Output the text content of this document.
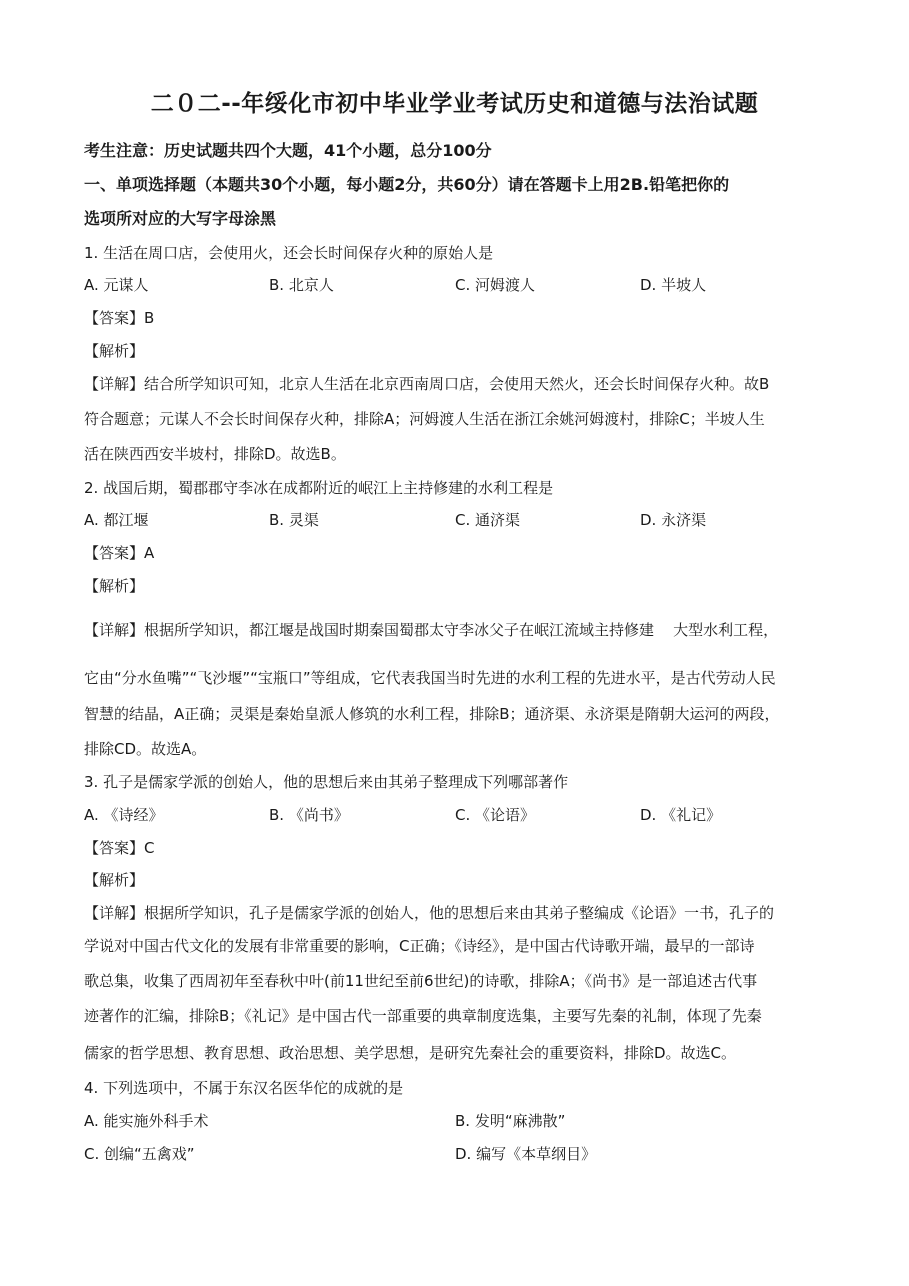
二０二--年绥化市初中毕业学业考试历史和道德与法治试题
考生注意：历史试题共四个大题，41个小题，总分100分
一、单项选择题（本题共30个小题，每小题2分，共60分）请在答题卡上用2B.铅笔把你的
选项所对应的大写字母涂黑
1. 生活在周口店，会使用火，还会长时间保存火种的原始人是
A. 元谋人	B. 北京人	C. 河姆渡人	D. 半坡人
【答案】B
【解析】
【详解】结合所学知识可知，北京人生活在北京西南周口店，会使用天然火，还会长时间保存火种。故B
符合题意；元谋人不会长时间保存火种，排除A；河姆渡人生活在浙江余姚河姆渡村，排除C；半坡人生
活在陕西西安半坡村，排除D。故选B。
2. 战国后期，蜀郡郡守李冰在成都附近的岷江上主持修建的水利工程是
A. 都江堰	B. 灵渠	C. 通济渠	D. 永济渠
【答案】A
【解析】
【详解】根据所学知识，都江堰是战国时期秦国蜀郡太守李冰父子在岷江流域主持修建    大型水利工程，
它由“分水鱼嘴”“飞沙堰”“宝瓶口”等组成，它代表我国当时先进的水利工程的先进水平，是古代劳动人民
智慧的结晶，A正确；灵渠是秦始皇派人修筑的水利工程，排除B；通济渠、永济渠是隋朝大运河的两段，
排除CD。故选A。
3. 孔子是儒家学派的创始人，他的思想后来由其弟子整理成下列哪部著作
A. 《诗经》	B. 《尚书》	C. 《论语》	D. 《礼记》
【答案】C
【解析】
【详解】根据所学知识，孔子是儒家学派的创始人，他的思想后来由其弟子整编成《论语》一书，孔子的
学说对中国古代文化的发展有非常重要的影响，C正确；《诗经》，是中国古代诗歌开端，最早的一部诗
歌总集，收集了西周初年至春秋中叶(前11世纪至前6世纪)的诗歌，排除A；《尚书》是一部追述古代事
迹著作的汇编，排除B；《礼记》是中国古代一部重要的典章制度选集，主要写先秦的礼制，体现了先秦
儒家的哲学思想、教育思想、政治思想、美学思想，是研究先秦社会的重要资料，排除D。故选C。
4. 下列选项中，不属于东汉名医华佗的成就的是
A. 能实施外科手术	B. 发明“麻沸散”
C. 创编“五禽戏”	D. 编写《本草纲目》
